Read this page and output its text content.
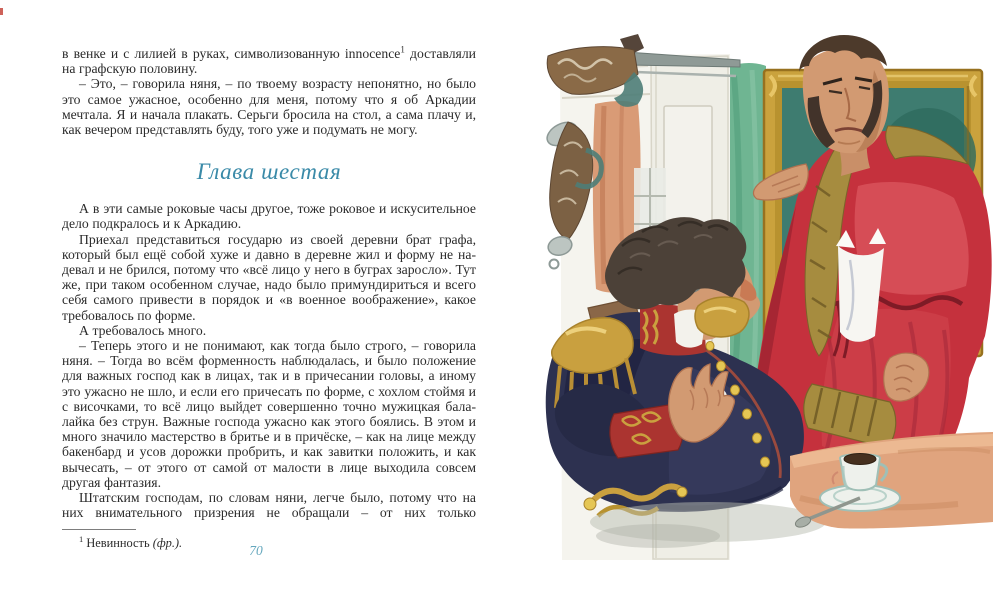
в венке и с лилией в руках, символизованную innocence$^1$ доставляли на графскую половину.

– Это, – говорила няня, – по твоему возрасту непонятно, но было это самое ужасное, особенно для меня, потому что я об Аркадии мечтала. Я и начала плакать. Серьги бросила на стол, а сама плачу и, как вечером представлять буду, того уже и подумать не могу.

Глава шестая

А в эти самые роковые часы другое, тоже роковое и искусительное дело подкралось и к Аркадию.

Приехал представиться государю из своей деревни брат графа, который был ещё собой хуже и давно в деревне жил и форму не надевал и не брился, потому что «всё лицо у него в буграх заросло». Тут же, при таком особенном случае, надо было примундириться и всего себя самого привести в порядок и «в военное воображение», какое требовалось по форме.

А требовалось много.

– Теперь этого и не понимают, как тогда было строго, – говорила няня. – Тогда во всём форменность наблюдалась, и было положение для важных господ как в лицах, так и в причесании головы, а иному это ужасно не шло, и если его причесать по форме, с хохлом стоймя и с височками, то всё лицо выйдет совершенно точно мужицкая балалайка без струн. Важные господа ужасно как этого боялись. В этом и много значило мастерство в бритье и в причёске, – как на лице между бакенбард и усов дорожки пробрить, и как завитки положить, и как вычесать, – от этого от самой от малости в лице выходила совсем другая фантазия.

Штатским господам, по словам няни, легче было, потому что на них внимательного призрения не обращали – от них только

$^1$ Невинность (фр.).	70
